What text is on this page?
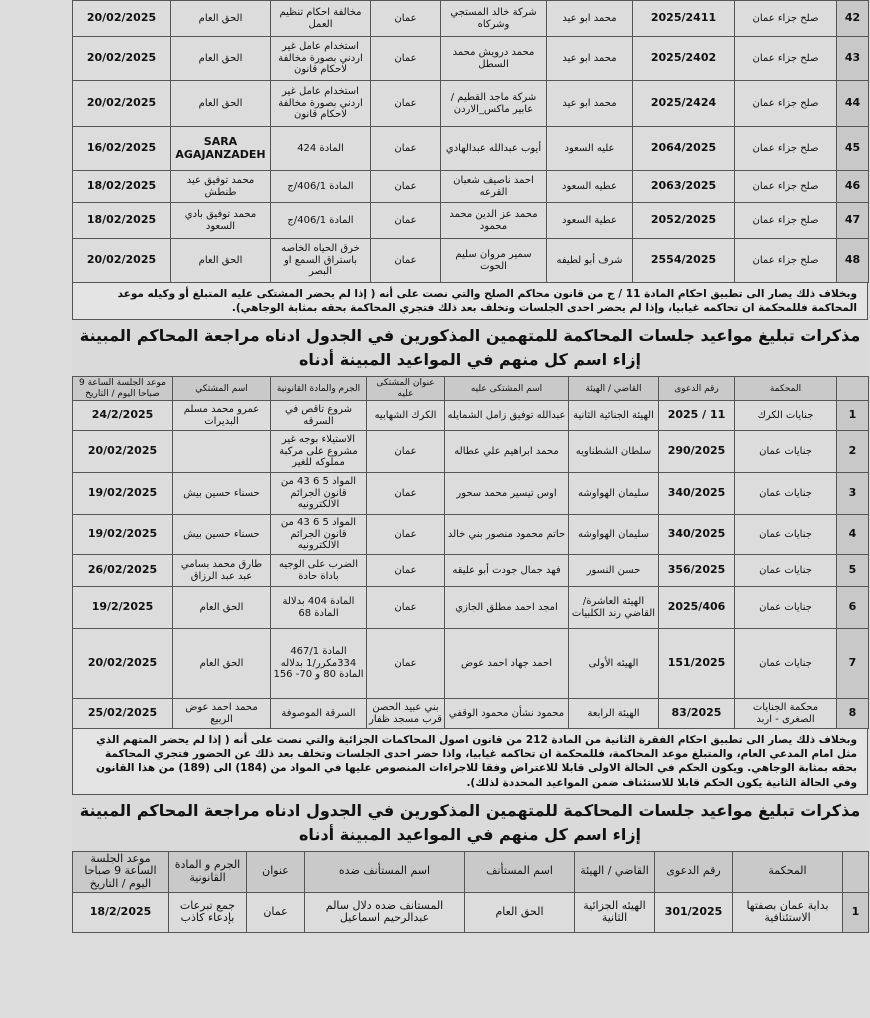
42	صلح جزاء عمان	2025/2411	محمد ابو عيد	شركة خالد المستجي وشركاه	عمان	مخالفة احكام تنظيم العمل	الحق العام	20/02/2025
43	صلح جزاء عمان	2025/2402	محمد ابو عيد	محمد درويش محمد السطل	عمان	استخدام عامل غير اردني بصورة مخالفة لاحكام قانون	الحق العام	20/02/2025
44	صلح جزاء عمان	2025/2424	محمد ابو عيد	شركة ماجد القطيم /عابير ماكس_الاردن	عمان	استخدام عامل غير اردني بصورة مخالفة لاحكام قانون	الحق العام	20/02/2025
45	صلح جزاء عمان	2064/2025	عليه السعود	أيوب عبدالله عبدالهادي	عمان	المادة 424	SARA AGAJANZADEH	16/02/2025
46	صلح جزاء عمان	2063/2025	عطيه السعود	احمد ناصيف شعبان القرعه	عمان	المادة 406/1/ج	محمد توفيق عيد طنطش	18/02/2025
47	صلح جزاء عمان	2052/2025	عطية السعود	محمد عز الدين محمد محمود	عمان	المادة 406/1/ج	محمد توفيق بادي السعود	18/02/2025
48	صلح جزاء عمان	2554/2025	شرف أبو لطيفه	سمير مروان سليم الحوت	عمان	خرق الحياه الخاصه باستراق السمع او البصر	الحق العام	20/02/2025
وبخلاف ذلك يصار الى تطبيق احكام المادة 11 / ج من قانون محاكم الصلح والتي نصت على أنه ( إذا لم يحضر المشتكى عليه المتبلغ أو وكيله موعد المحاكمة فللمحكمة ان تحاكمه غيابيا، وإذا لم يحضر احدى الجلسات وتخلف بعد ذلك فتجري المحاكمة بحقه بمثابة الوجاهي).
مذكرات تبليغ مواعيد جلسات المحاكمة للمتهمين المذكورين في الجدول ادناه مراجعة المحاكم المبينة إزاء اسم كل منهم في المواعيد المبينة أدناه
	المحكمة	رقم الدعوى	القاضي / الهيئة	اسم المشتكى عليه	عنوان المشتكى عليه	الجرم والمادة القانونية	اسم المشتكي	موعد الجلسة الساعة 9 صباحا اليوم / التاريخ
1	جنايات الكرك	11 / 2025	الهيئة الجنائية الثانية	عبدالله توفيق زامل الشمايله	الكرك الشهابيه	شروع تاقص في السرقه	عمرو محمد مسلم البديرات	24/2/2025
2	جنايات عمان	290/2025	سلطان الشطناويه	محمد ابراهيم علي عطاله	عمان	الاستيلاء بوجه غير مشروع على مركبة مملوكه للغير		20/02/2025
3	جنايات عمان	340/2025	سليمان الهواوشه	اوس تيسير محمد سحور	عمان	المواد 5 6 43 من قانون الجرائم الالكترونيه	حسناء حسين بيش	19/02/2025
4	جنايات عمان	340/2025	سليمان الهواوشه	حاتم محمود منصور بني خالد	عمان	المواد 5 6 43 من قانون الجرائم الالكترونيه	حسناء حسين بيش	19/02/2025
5	جنايات عمان	356/2025	حسن النسور	فهد جمال جودت أبو عليقه	عمان	الضرب على الوجيه باداة حادة	طارق محمد بسامي عبد عبد الرزاق	26/02/2025
6	جنايات عمان	2025/406	الهيئة العاشرة/القاضي رند الكلبيات	امجد احمد مطلق الجازي	عمان	المادة 404 بدلالة المادة 68	الحق العام	19/2/2025
7	جنايات عمان	151/2025	الهيئه الأولى	احمد جهاد احمد عوض	عمان	المادة 467/1 334مكرر/1 بدلاله المادة 80 و 70- 156	الحق العام	20/02/2025
8	محكمة الجنايات الصغرى - اربد	83/2025	الهيئة الرابعة	محمود نشأن محمود الوقفي	بني عبيد الحصن قرب مسجد ظفار	السرقة الموصوفة	محمد احمد عوض الربيع	25/02/2025
وبخلاف ذلك يصار الى تطبيق احكام الفقرة الثانية من المادة 212 من قانون اصول المحاكمات الجزائية والتي نصت على أنه ( إذا لم يحضر المتهم الذي مثل امام المدعي العام، والمتبلغ موعد المحاكمة، فللمحكمة ان تحاكمه غيابيا، واذا حضر احدى الجلسات وتخلف بعد ذلك عن الحضور فتجري المحاكمة بحقه بمثابة الوجاهي. ويكون الحكم في الحالة الاولى قابلا للاعتراض وفقا للاجراءات المنصوص عليها في المواد من (184) الى (189) من هذا القانون وفي الحالة الثانية يكون الحكم قابلا للاستئناف ضمن المواعيد المحددة لذلك).
مذكرات تبليغ مواعيد جلسات المحاكمة للمتهمين المذكورين في الجدول ادناه مراجعة المحاكم المبينة إزاء اسم كل منهم في المواعيد المبينة أدناه
	المحكمة	رقم الدعوى	القاضي / الهيئة	اسم المستأنف	اسم المستأنف ضده	عنوان	الجرم و المادة القانونية	موعد الجلسة الساعة 9 صباحا اليوم / التاريخ
1	بداية عمان بصفتها الاستئنافية	301/2025	الهيئه الجزائية الثانية	الحق العام	المستانف ضده دلال سالم عبدالرحيم اسماعيل	عمان	جمع تبرعات بإدعاء كاذب	18/2/2025
